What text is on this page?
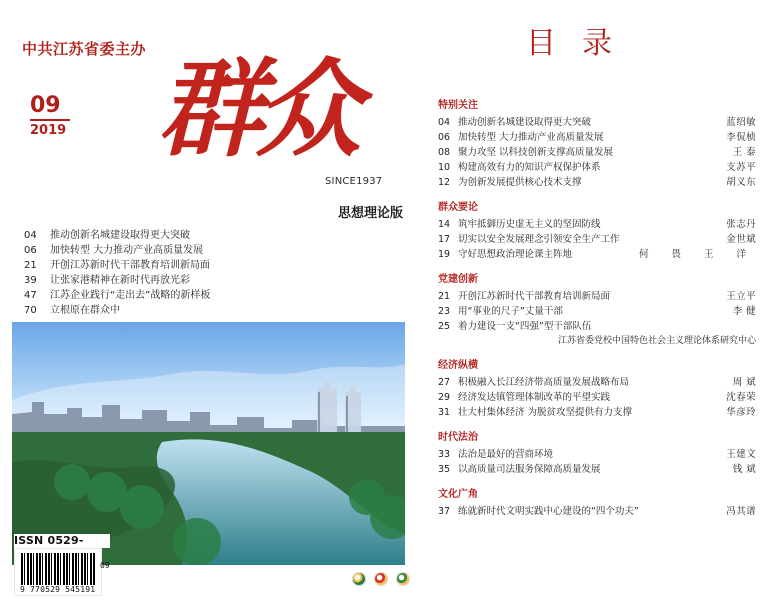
中共江苏省委主办
09
2019 群众
SINCE1937
思想理论版
04	推动创新名城建设取得更大突破
06	加快转型 大力推动产业高质量发展
21	开创江苏新时代干部教育培训新局面
39	让张家港精神在新时代再放光彩
47	江苏企业践行“走出去”战略的新样板
70	立根原在群众中
ISSN 0529-
9 770529 545191
09
目录
特别关注
04 推动创新名城建设取得更大突破	蓝绍敏
06 加快转型 大力推动产业高质量发展	李侃桢
08 聚力攻坚 以科技创新支撑高质量发展	王 泰
10 构建高效有力的知识产权保护体系	支苏平
12 为创新发展提供核心技术支撑	胡义东
群众要论
14 筑牢抵御历史虚无主义的坚固防线	张志丹
17 切实以安全发展理念引领安全生产工作	金世斌
19 守好思想政治理论课主阵地	何 畏 王 洋
党建创新
21 开创江苏新时代干部教育培训新局面	王立平
23 用“事业的尺子”丈量干部	李 健
25 着力建设一支“四强”型干部队伍
江苏省委党校中国特色社会主义理论体系研究中心
经济纵横
27 积极融入长江经济带高质量发展战略布局	周 斌
29 经济发达镇管理体制改革的平望实践	沈春荣
31 壮大村集体经济 为脱贫攻坚提供有力支撑	华彦玲
时代法治
33 法治是最好的营商环境	王建文
35 以高质量司法服务保障高质量发展	钱 斌
文化广角
37 练就新时代文明实践中心建设的“四个功夫”	冯其谱
